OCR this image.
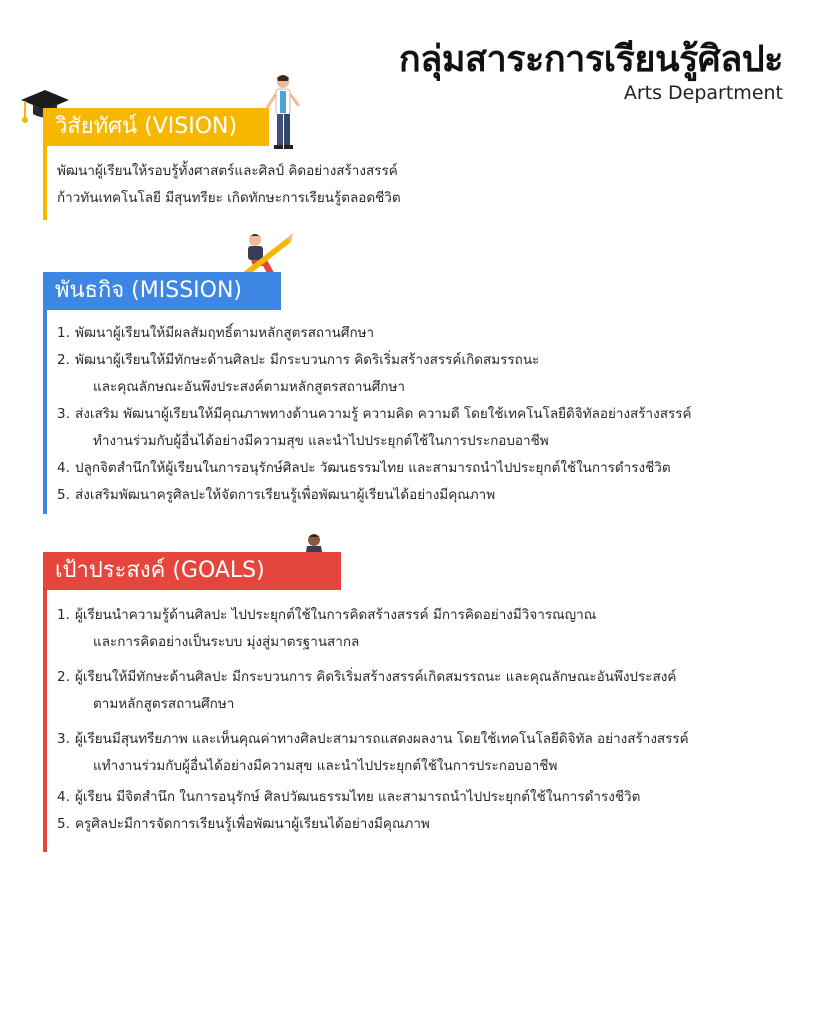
กลุ่มสาระการเรียนรู้ศิลปะ
Arts Department
วิสัยทัศน์ (VISION)
พัฒนาผู้เรียนให้รอบรู้ทั้งศาสตร์และศิลป์ คิดอย่างสร้างสรรค์
ก้าวทันเทคโนโลยี มีสุนทรียะ เกิดทักษะการเรียนรู้ตลอดชีวิต
พันธกิจ (MISSION)
1. พัฒนาผู้เรียนให้มีผลสัมฤทธิ์ตามหลักสูตรสถานศึกษา
2. พัฒนาผู้เรียนให้มีทักษะด้านศิลปะ มีกระบวนการ คิดริเริ่มสร้างสรรค์เกิดสมรรถนะ
และคุณลักษณะอันพึงประสงค์ตามหลักสูตรสถานศึกษา
3. ส่งเสริม พัฒนาผู้เรียนให้มีคุณภาพทางด้านความรู้ ความคิด ความดี โดยใช้เทคโนโลยีดิจิทัลอย่างสร้างสรรค์
ทำงานร่วมกับผู้อื่นได้อย่างมีความสุข และนำไปประยุกต์ใช้ในการประกอบอาชีพ
4. ปลูกจิตสำนึกให้ผู้เรียนในการอนุรักษ์ศิลปะ วัฒนธรรมไทย และสามารถนำไปประยุกต์ใช้ในการดำรงชีวิต
5. ส่งเสริมพัฒนาครูศิลปะให้จัดการเรียนรู้เพื่อพัฒนาผู้เรียนได้อย่างมีคุณภาพ
เป้าประสงค์ (GOALS)
1. ผู้เรียนนำความรู้ด้านศิลปะ ไปประยุกต์ใช้ในการคิดสร้างสรรค์ มีการคิดอย่างมีวิจารณญาณ
และการคิดอย่างเป็นระบบ มุ่งสู่มาตรฐานสากล
2. ผู้เรียนให้มีทักษะด้านศิลปะ มีกระบวนการ คิดริเริ่มสร้างสรรค์เกิดสมรรถนะ และคุณลักษณะอันพึงประสงค์
ตามหลักสูตรสถานศึกษา
3. ผู้เรียนมีสุนทรียภาพ และเห็นคุณค่าทางศิลปะสามารถแสดงผลงาน โดยใช้เทคโนโลยีดิจิทัล อย่างสร้างสรรค์
แทำงานร่วมกับผู้อื่นได้อย่างมีความสุข และนำไปประยุกต์ใช้ในการประกอบอาชีพ
4. ผู้เรียน มีจิตสำนึก ในการอนุรักษ์ ศิลปวัฒนธรรมไทย และสามารถนำไปประยุกต์ใช้ในการดำรงชีวิต
5. ครูศิลปะมีการจัดการเรียนรู้เพื่อพัฒนาผู้เรียนได้อย่างมีคุณภาพ
